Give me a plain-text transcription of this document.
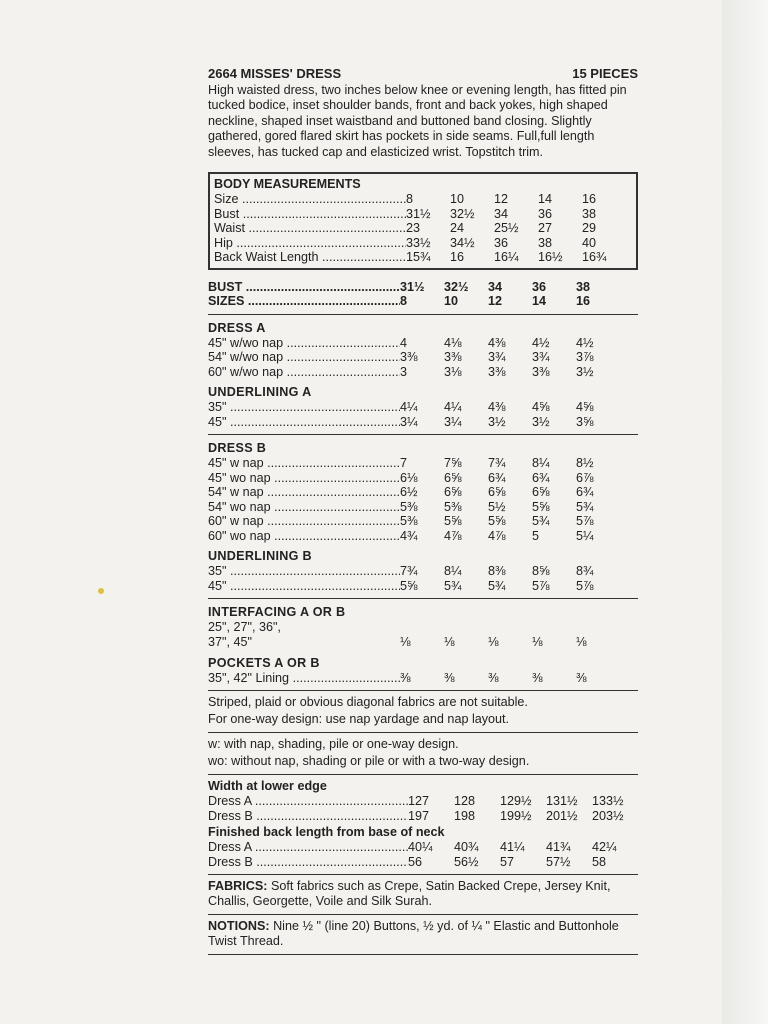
2664 MISSES' DRESS	15 PIECES
High waisted dress, two inches below knee or evening length, has fitted pin tucked bodice, inset shoulder bands, front and back yokes, high shaped neckline, shaped inset waistband and buttoned band closing. Slightly gathered, gored flared skirt has pockets in side seams. Full,full length sleeves, has tucked cap and elasticized wrist. Topstitch trim.
BODY MEASUREMENTS
Size .....	8	10	12	14	16
Bust .....	31½	32½	34	36	38
Waist .....	23	24	25½	27	29
Hip .....	33½	34½	36	38	40
Back Waist Length .....	15¾	16	16¼	16½	16¾
BUST .....	31½	32½	34	36	38
SIZES .....	8	10	12	14	16
DRESS A
45" w/wo nap .....	4	4⅛	4⅜	4½	4½
54" w/wo nap .....	3⅜	3⅜	3¾	3¾	3⅞
60" w/wo nap .....	3	3⅛	3⅜	3⅜	3½
UNDERLINING A
35" .....	4¼	4¼	4⅜	4⅝	4⅝
45" .....	3¼	3¼	3½	3½	3⅝
DRESS B
45" w nap .....	7	7⅝	7¾	8¼	8½
45" wo nap .....	6⅛	6⅝	6¾	6¾	6⅞
54" w nap .....	6½	6⅝	6⅝	6⅝	6¾
54" wo nap .....	5⅜	5⅜	5½	5⅝	5¾
60" w nap .....	5⅜	5⅝	5⅝	5¾	5⅞
60" wo nap .....	4¾	4⅞	4⅞	5	5¼
UNDERLINING B
35" .....	7¾	8¼	8⅜	8⅝	8¾
45" .....	5⅝	5¾	5¾	5⅞	5⅞
INTERFACING A OR B
25", 27", 36",
37", 45"	⅛	⅛	⅛	⅛	⅛
POCKETS A OR B
35", 42" Lining .....	⅜	⅜	⅜	⅜	⅜
Striped, plaid or obvious diagonal fabrics are not suitable.
For one-way design: use nap yardage and nap layout.
w: with nap, shading, pile or one-way design.
wo: without nap, shading or pile or with a two-way design.
Width at lower edge
Dress A .....	127	128	129½	131½	133½
Dress B .....	197	198	199½	201½	203½
Finished back length from base of neck
Dress A .....	40¼	40¾	41¼	41¾	42¼
Dress B .....	56	56½	57	57½	58
FABRICS: Soft fabrics such as Crepe, Satin Backed Crepe, Jersey Knit, Challis, Georgette, Voile and Silk Surah.
NOTIONS: Nine ½ " (line 20) Buttons, ½ yd. of ¼ " Elastic and Buttonhole Twist Thread.
